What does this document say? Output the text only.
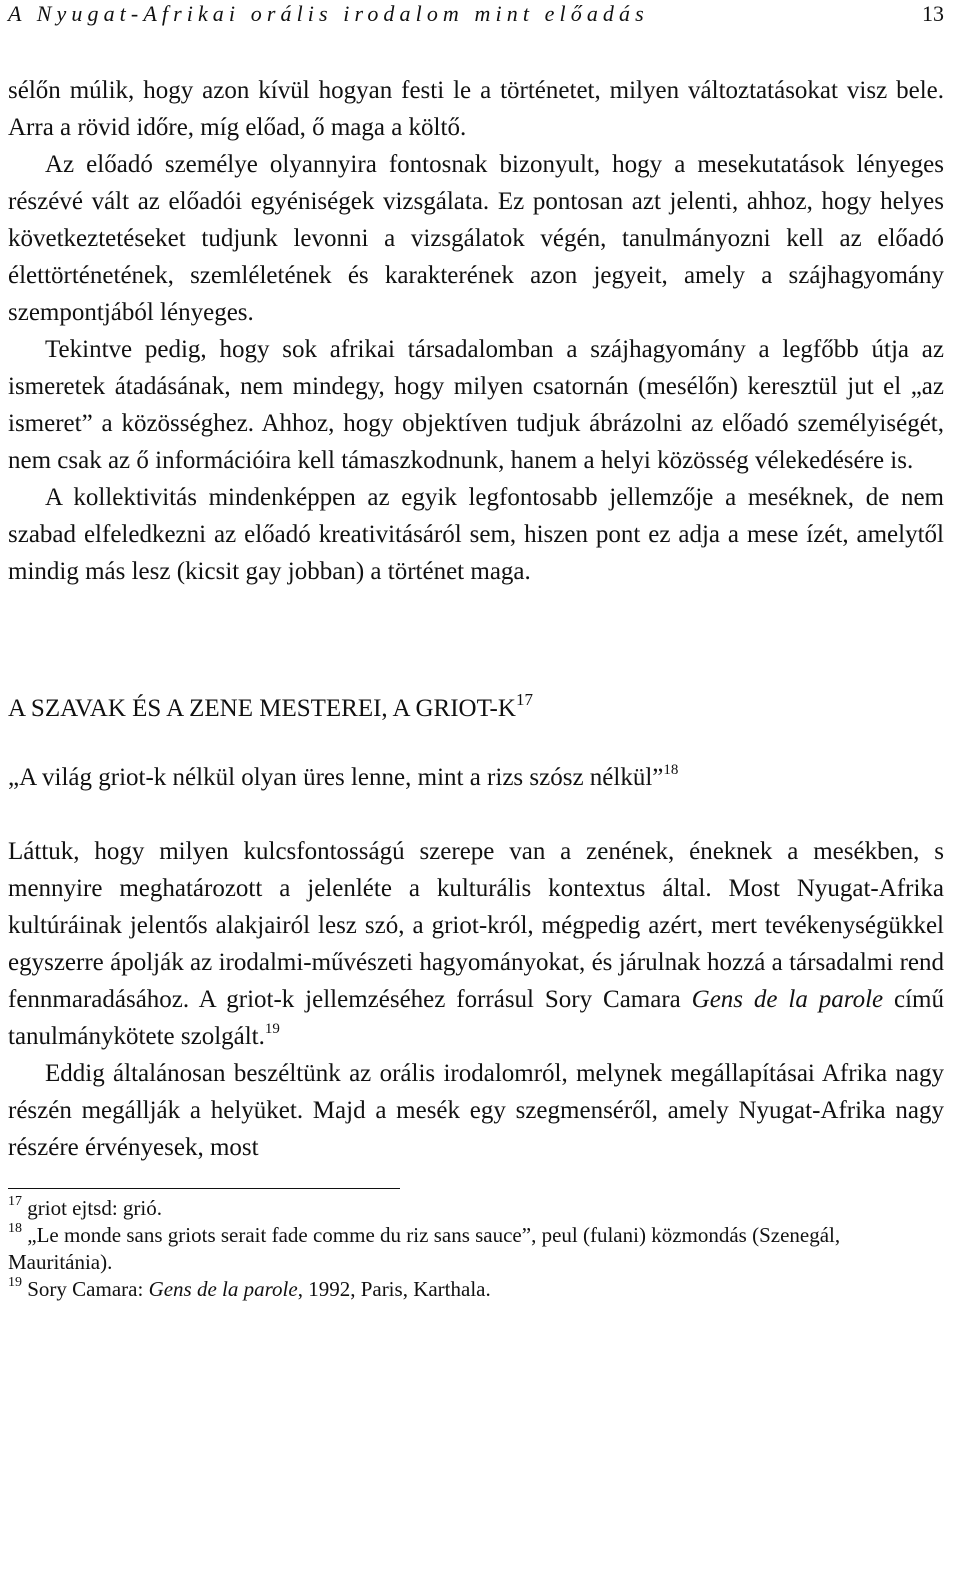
A Nyugat-Afrikai orális irodalom mint előadás	13

sélőn múlik, hogy azon kívül hogyan festi le a történetet, milyen változtatásokat visz bele. Arra a rövid időre, míg előad, ő maga a költő.

Az előadó személye olyannyira fontosnak bizonyult, hogy a mesekutatások lényeges részévé vált az előadói egyéniségek vizsgálata. Ez pontosan azt jelenti, ahhoz, hogy helyes következtetéseket tudjunk levonni a vizsgálatok végén, tanulmányozni kell az előadó élettörténetének, szemléletének és karakterének azon jegyeit, amely a szájhagyomány szempontjából lényeges.

Tekintve pedig, hogy sok afrikai társadalomban a szájhagyomány a legfőbb útja az ismeretek átadásának, nem mindegy, hogy milyen csatornán (mesélőn) keresztül jut el „az ismeret” a közösséghez. Ahhoz, hogy objektíven tudjuk ábrázolni az előadó személyiségét, nem csak az ő információira kell támaszkodnunk, hanem a helyi közösség vélekedésére is.

A kollektivitás mindenképpen az egyik legfontosabb jellemzője a meséknek, de nem szabad elfeledkezni az előadó kreativitásáról sem, hiszen pont ez adja a mese ízét, amelytől mindig más lesz (kicsit gay jobban) a történet maga.

A SZAVAK ÉS A ZENE MESTEREI, A GRIOT-$K^{17}$

„A világ griot-k nélkül olyan üres lenne, mint a rizs szósz nélkül”$^{18}$

Láttuk, hogy milyen kulcsfontosságú szerepe van a zenének, éneknek a mesékben, s mennyire meghatározott a jelenléte a kulturális kontextus által. Most Nyugat-Afrika kultúráinak jelentős alakjairól lesz szó, a griot-król, mégpedig azért, mert tevékenységükkel egyszerre ápolják az irodalmi-művészeti hagyományokat, és járulnak hozzá a társadalmi rend fennmaradásához. A griot-k jellemzéséhez forrásul Sory Camara Gens de la parole című tanulmánykötete szolgált.$^{19}$

Eddig általánosan beszéltünk az orális irodalomról, melynek megállapításai Afrika nagy részén megállják a helyüket. Majd a mesék egy szegmenséről, amely Nyugat-Afrika nagy részére érvényesek, most

$^{17}$ griot ejtsd: grió.

$^{18}$ „Le monde sans griots serait fade comme du riz sans sauce”, peul (fulani) közmondás (Szenegál, Mauritánia).

$^{19}$ Sory Camara: Gens de la parole, 1992, Paris, Karthala.
